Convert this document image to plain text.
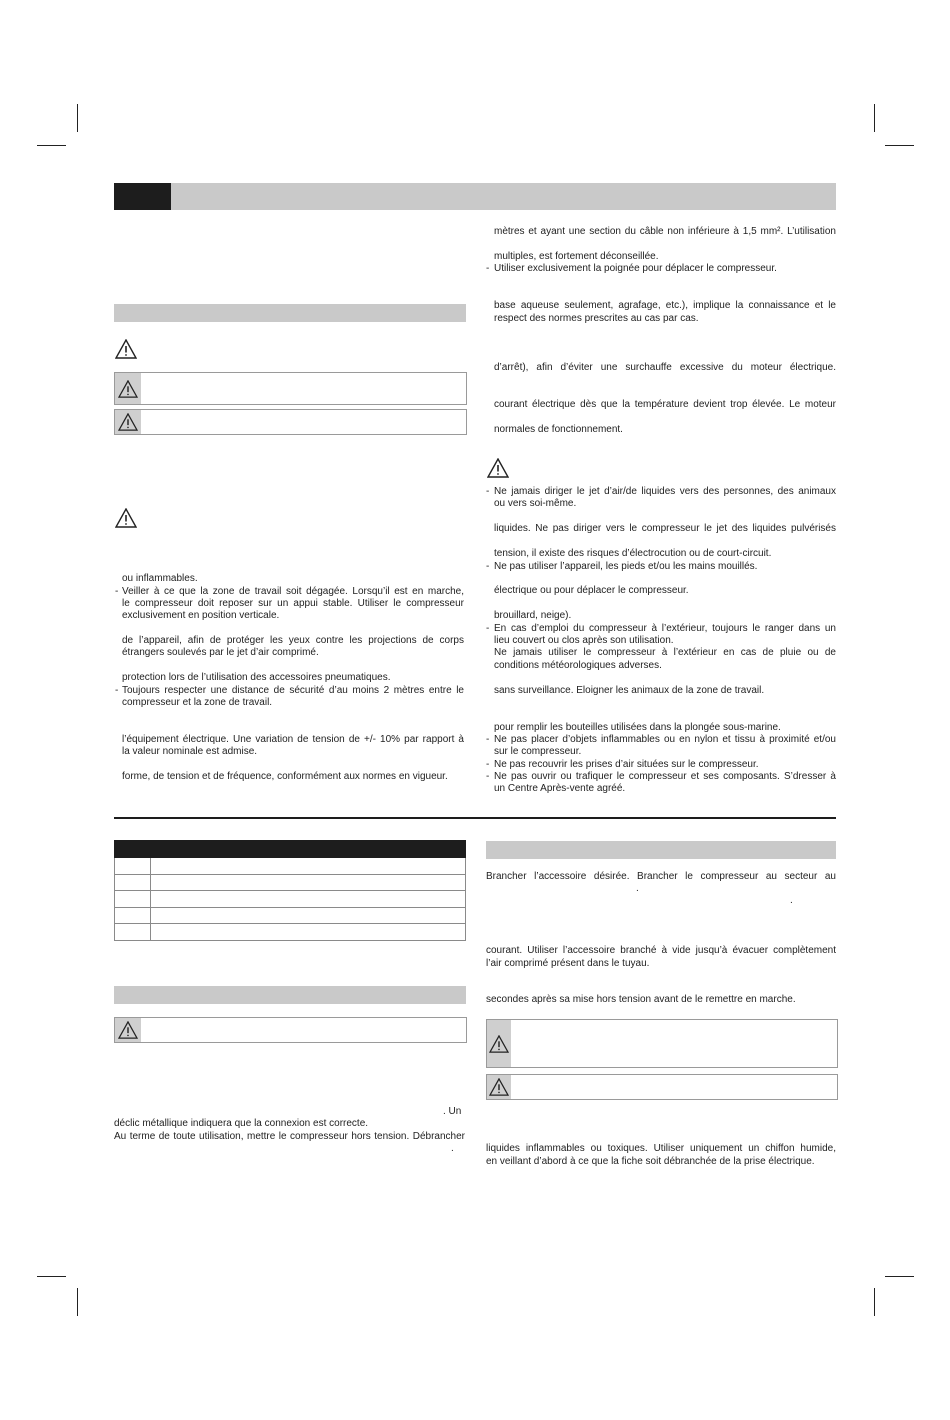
ou inflammables.
- Veiller à ce que la zone de travail soit dégagée. Lorsqu’il est en marche,
le compresseur doit reposer sur un appui stable. Utiliser le compresseur
exclusivement en position verticale.
de l’appareil, afin de protéger les yeux contre les projections de corps
étrangers soulevés par le jet d’air comprimé.
protection lors de l’utilisation des accessoires pneumatiques.
- Toujours respecter une distance de sécurité d’au moins 2 mètres entre le
compresseur et la zone de travail.
l’équipement électrique. Une variation de tension de +/- 10% par rapport à
la valeur nominale est admise.
forme, de tension et de fréquence, conformément aux normes en vigueur.

. Un
déclic métallique indiquera que la connexion est correcte.
Au terme de toute utilisation, mettre le compresseur hors tension. Débrancher
.
mètres et ayant une section du câble non inférieure à 1,5 mm². L’utilisation
multiples, est fortement déconseillée.
- Utiliser exclusivement la poignée pour déplacer le compresseur.
base aqueuse seulement, agrafage, etc.), implique la connaissance et le
respect des normes prescrites au cas par cas.
d’arrêt), afin d’éviter une surchauffe excessive du moteur électrique.
courant électrique dès que la température devient trop élevée. Le moteur
normales de fonctionnement.
- Ne jamais diriger le jet d’air/de liquides vers des personnes, des animaux
ou vers soi-même.
liquides. Ne pas diriger vers le compresseur le jet des liquides pulvérisés
tension, il existe des risques d’électrocution ou de court-circuit.
- Ne pas utiliser l’appareil, les pieds et/ou les mains mouillés.
électrique ou pour déplacer le compresseur.
brouillard, neige).
- En cas d’emploi du compresseur à l’extérieur, toujours le ranger dans un
lieu couvert ou clos après son utilisation.
Ne jamais utiliser le compresseur à l’extérieur en cas de pluie ou de
conditions météorologiques adverses.
sans surveillance. Eloigner les animaux de la zone de travail.
pour remplir les bouteilles utilisées dans la plongée sous-marine.
- Ne pas placer d’objets inflammables ou en nylon et tissu à proximité et/ou
sur le compresseur.
- Ne pas recouvrir les prises d’air situées sur le compresseur.
- Ne pas ouvrir ou trafiquer le compresseur et ses composants. S’dresser à
un Centre Après-vente agréé.
Brancher l’accessoire désirée. Brancher le compresseur au secteur au
.
.
courant. Utiliser l’accessoire branché à vide jusqu’à évacuer complètement
l’air comprimé présent dans le tuyau.
secondes après sa mise hors tension avant de le remettre en marche.
liquides inflammables ou toxiques. Utiliser uniquement un chiffon humide,
en veillant d’abord à ce que la fiche soit débranchée de la prise électrique.
